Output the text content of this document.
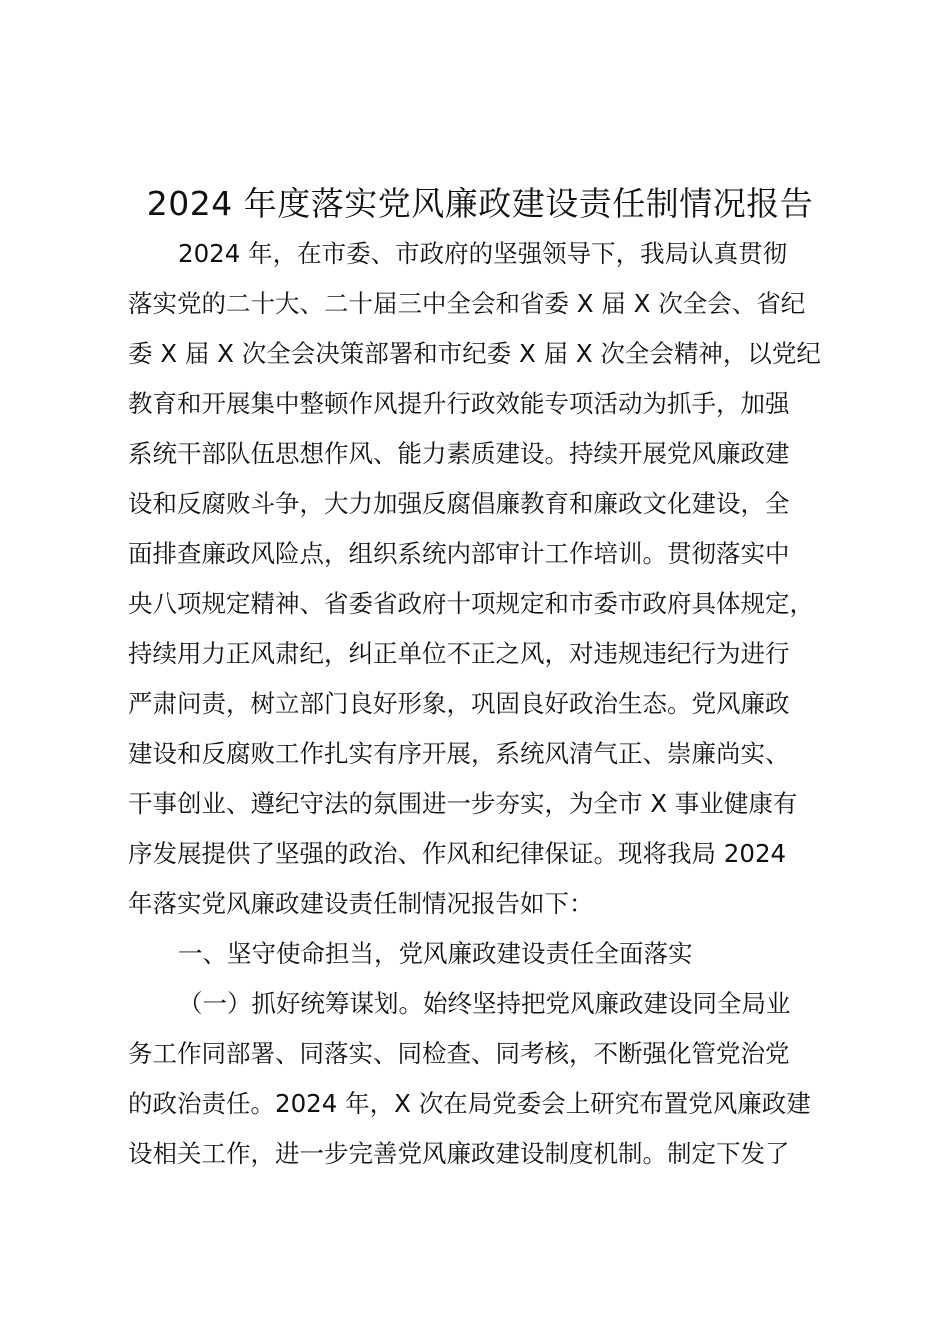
2024 年度落实党风廉政建设责任制情况报告
2024 年，在市委、市政府的坚强领导下，我局认真贯彻
落实党的二十大、二十届三中全会和省委 X 届 X 次全会、省纪
委 X 届 X 次全会决策部署和市纪委 X 届 X 次全会精神，以党纪
教育和开展集中整顿作风提升行政效能专项活动为抓手，加强
系统干部队伍思想作风、能力素质建设。持续开展党风廉政建
设和反腐败斗争，大力加强反腐倡廉教育和廉政文化建设，全
面排查廉政风险点，组织系统内部审计工作培训。贯彻落实中
央八项规定精神、省委省政府十项规定和市委市政府具体规定，
持续用力正风肃纪，纠正单位不正之风，对违规违纪行为进行
严肃问责，树立部门良好形象，巩固良好政治生态。党风廉政
建设和反腐败工作扎实有序开展，系统风清气正、崇廉尚实、
干事创业、遵纪守法的氛围进一步夯实，为全市 X 事业健康有
序发展提供了坚强的政治、作风和纪律保证。现将我局 2024
年落实党风廉政建设责任制情况报告如下：
一、坚守使命担当，党风廉政建设责任全面落实
（一）抓好统筹谋划。始终坚持把党风廉政建设同全局业
务工作同部署、同落实、同检查、同考核，不断强化管党治党
的政治责任。2024 年，X 次在局党委会上研究布置党风廉政建
设相关工作，进一步完善党风廉政建设制度机制。制定下发了
